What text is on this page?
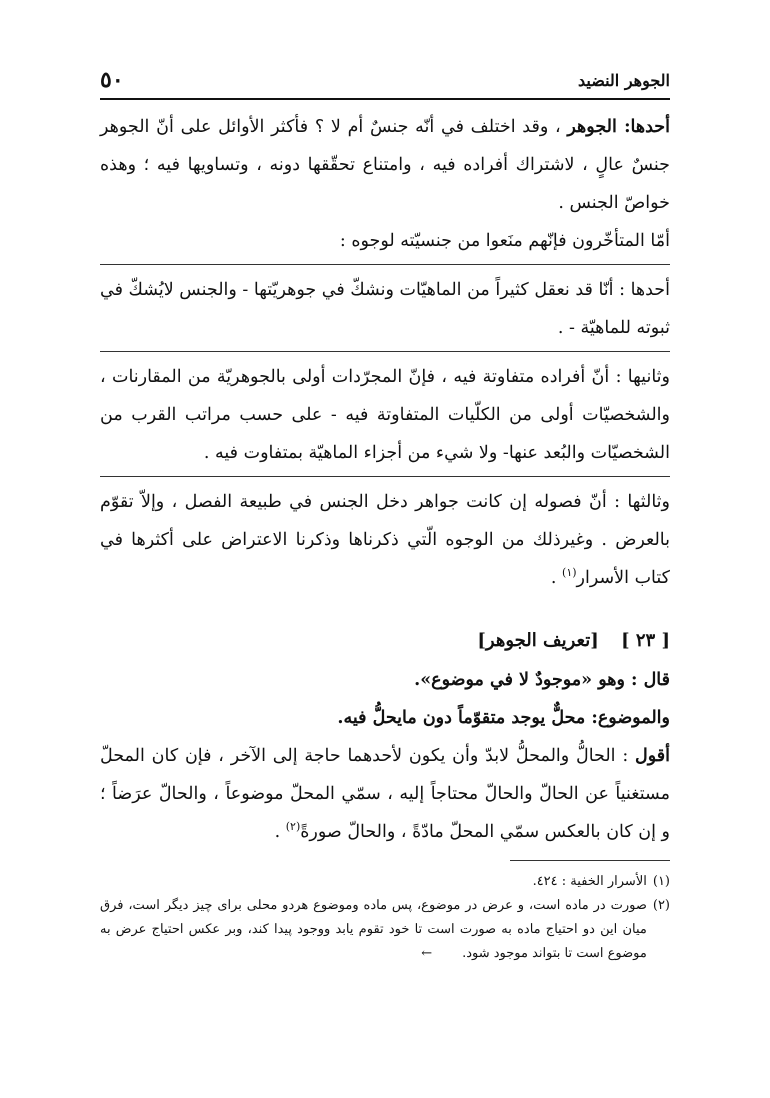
الجوهر النضيد
٥٠

أحدها: الجوهر ، وقد اختلف في أنّه جنسٌ أم لا ؟ فأكثر الأوائل على أنّ الجوهر جنسٌ عالٍ ، لاشتراك أفراده فيه ، وامتناع تحقّقها دونه ، وتساويها فيه ؛ وهذه خواصّ الجنس .

أمّا المتأخّرون فإنّهم منَعوا من جنسيّته لوجوه :

أحدها : أنّا قد نعقل كثيراً من الماهيّات ونشكّ في جوهريّتها - والجنس لايُشكّ في ثبوته للماهيّة - .

وثانيها : أنّ أفراده متفاوتة فيه ، فإنّ المجرّدات أولى بالجوهريّة من المقارنات ، والشخصيّات أولى من الكلّيات المتفاوتة فيه - على حسب مراتب القرب من الشخصيّات والبُعد عنها- ولا شيء من أجزاء الماهيّة بمتفاوت فيه .

وثالثها : أنّ فصوله إن كانت جواهر دخل الجنس في طبيعة الفصل ، وإلاّ تقوّم بالعرض . وغيرذلك من الوجوه الّتي ذكرناها وذكرنا الاعتراض على أكثرها في كتاب الأسرار$^{(١)}$ .

[ ٢٣ ] [تعريف الجوهر]

قال : وهو «موجودٌ لا في موضوع».

والموضوع: محلٌّ يوجد متقوّماً دون مايحلُّ فيه.

أقول : الحالُّ والمحلُّ لابدّ وأن يكون لأحدهما حاجة إلى الآخر ، فإن كان المحلّ مستغنياً عن الحالّ والحالّ محتاجاً إليه ، سمّي المحلّ موضوعاً ، والحالّ عرَضاً ؛ و إن كان بالعكس سمّي المحلّ مادّةً ، والحالّ صورةً$^{(٢)}$ .

(١)
الأسرار الخفية : ٤٢٤.
(٢)
صورت در ماده است، و عرض در موضوع، پس ماده وموضوع هردو محلى براى چيز ديگر است، فرق ميان اين دو احتياج ماده به صورت است تا خود تقوم يابد ووجود پيدا كند، وبر عكس احتياج عرض به موضوع است تا بتواند موجود شود.←
